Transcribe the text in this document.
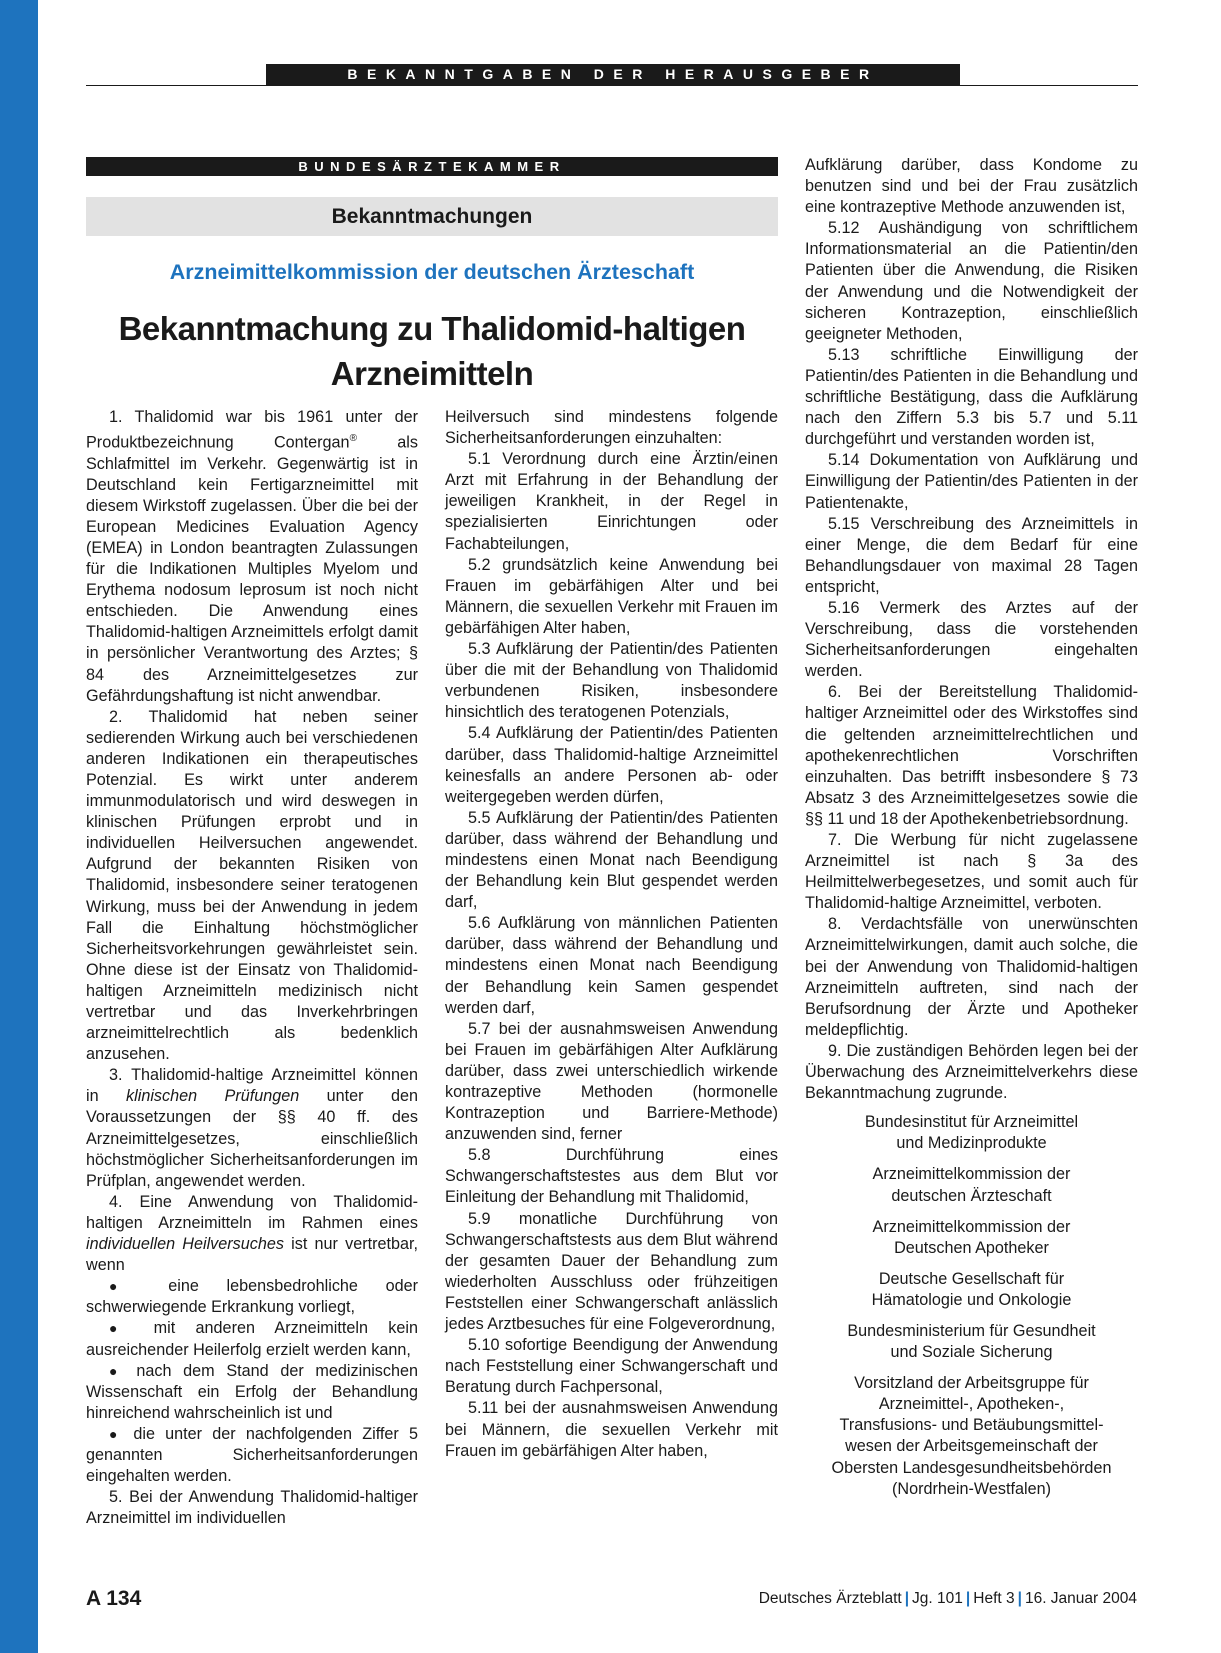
BEKANNTGABEN DER HERAUSGEBER
BUNDESÄRZTEKAMMER
Bekanntmachungen
Arzneimittelkommission der deutschen Ärzteschaft
Bekanntmachung zu Thalidomid-haltigen
Arzneimitteln

1. Thalidomid war bis 1961 unter der Produktbezeichnung Contergan® als Schlafmittel im Verkehr. Gegenwärtig ist in Deutschland kein Fertigarzneimittel mit diesem Wirkstoff zugelassen. Über die bei der European Medicines Evaluation Agency (EMEA) in London beantragten Zulassungen für die Indikationen Multiples Myelom und Erythema nodosum leprosum ist noch nicht entschieden. Die Anwendung eines Thalidomid-haltigen Arzneimittels erfolgt damit in persönlicher Verantwortung des Arztes; § 84 des Arzneimittelgesetzes zur Gefährdungshaftung ist nicht anwendbar.

2. Thalidomid hat neben seiner sedierenden Wirkung auch bei verschiedenen anderen Indikationen ein therapeutisches Potenzial. Es wirkt unter anderem immunmodulatorisch und wird deswegen in klinischen Prüfungen erprobt und in individuellen Heilversuchen angewendet. Aufgrund der bekannten Risiken von Thalidomid, insbesondere seiner teratogenen Wirkung, muss bei der Anwendung in jedem Fall die Einhaltung höchstmöglicher Sicherheitsvorkehrungen gewährleistet sein. Ohne diese ist der Einsatz von Thalidomid-haltigen Arzneimitteln medizinisch nicht vertretbar und das Inverkehrbringen arzneimittelrechtlich als bedenklich anzusehen.

3. Thalidomid-haltige Arzneimittel können in klinischen Prüfungen unter den Voraussetzungen der §§ 40 ff. des Arzneimittelgesetzes, einschließlich höchstmöglicher Sicherheitsanforderungen im Prüfplan, angewendet werden.

4. Eine Anwendung von Thalidomid-haltigen Arzneimitteln im Rahmen eines individuellen Heilversuches ist nur vertretbar, wenn

● eine lebensbedrohliche oder schwerwiegende Erkrankung vorliegt,

● mit anderen Arzneimitteln kein ausreichender Heilerfolg erzielt werden kann,

● nach dem Stand der medizinischen Wissenschaft ein Erfolg der Behandlung hinreichend wahrscheinlich ist und

● die unter der nachfolgenden Ziffer 5 genannten Sicherheitsanforderungen eingehalten werden.

5. Bei der Anwendung Thalidomid-haltiger Arzneimittel im individuellen

Heilversuch sind mindestens folgende Sicherheitsanforderungen einzuhalten:

5.1 Verordnung durch eine Ärztin/einen Arzt mit Erfahrung in der Behandlung der jeweiligen Krankheit, in der Regel in spezialisierten Einrichtungen oder Fachabteilungen,

5.2 grundsätzlich keine Anwendung bei Frauen im gebärfähigen Alter und bei Männern, die sexuellen Verkehr mit Frauen im gebärfähigen Alter haben,

5.3 Aufklärung der Patientin/des Patienten über die mit der Behandlung von Thalidomid verbundenen Risiken, insbesondere hinsichtlich des teratogenen Potenzials,

5.4 Aufklärung der Patientin/des Patienten darüber, dass Thalidomid-haltige Arzneimittel keinesfalls an andere Personen ab- oder weitergegeben werden dürfen,

5.5 Aufklärung der Patientin/des Patienten darüber, dass während der Behandlung und mindestens einen Monat nach Beendigung der Behandlung kein Blut gespendet werden darf,

5.6 Aufklärung von männlichen Patienten darüber, dass während der Behandlung und mindestens einen Monat nach Beendigung der Behandlung kein Samen gespendet werden darf,

5.7 bei der ausnahmsweisen Anwendung bei Frauen im gebärfähigen Alter Aufklärung darüber, dass zwei unterschiedlich wirkende kontrazeptive Methoden (hormonelle Kontrazeption und Barriere-Methode) anzuwenden sind, ferner

5.8 Durchführung eines Schwangerschaftstestes aus dem Blut vor Einleitung der Behandlung mit Thalidomid,

5.9 monatliche Durchführung von Schwangerschaftstests aus dem Blut während der gesamten Dauer der Behandlung zum wiederholten Ausschluss oder frühzeitigen Feststellen einer Schwangerschaft anlässlich jedes Arztbesuches für eine Folgeverordnung,

5.10 sofortige Beendigung der Anwendung nach Feststellung einer Schwangerschaft und Beratung durch Fachpersonal,

5.11 bei der ausnahmsweisen Anwendung bei Männern, die sexuellen Verkehr mit Frauen im gebärfähigen Alter haben,

Aufklärung darüber, dass Kondome zu benutzen sind und bei der Frau zusätzlich eine kontrazeptive Methode anzuwenden ist,

5.12 Aushändigung von schriftlichem Informationsmaterial an die Patientin/den Patienten über die Anwendung, die Risiken der Anwendung und die Notwendigkeit der sicheren Kontrazeption, einschließlich geeigneter Methoden,

5.13 schriftliche Einwilligung der Patientin/des Patienten in die Behandlung und schriftliche Bestätigung, dass die Aufklärung nach den Ziffern 5.3 bis 5.7 und 5.11 durchgeführt und verstanden worden ist,

5.14 Dokumentation von Aufklärung und Einwilligung der Patientin/des Patienten in der Patientenakte,

5.15 Verschreibung des Arzneimittels in einer Menge, die dem Bedarf für eine Behandlungsdauer von maximal 28 Tagen entspricht,

5.16 Vermerk des Arztes auf der Verschreibung, dass die vorstehenden Sicherheitsanforderungen eingehalten werden.

6. Bei der Bereitstellung Thalidomid-haltiger Arzneimittel oder des Wirkstoffes sind die geltenden arzneimittelrechtlichen und apothekenrechtlichen Vorschriften einzuhalten. Das betrifft insbesondere § 73 Absatz 3 des Arzneimittelgesetzes sowie die §§ 11 und 18 der Apothekenbetriebsordnung.

7. Die Werbung für nicht zugelassene Arzneimittel ist nach § 3a des Heilmittelwerbegesetzes, und somit auch für Thalidomid-haltige Arzneimittel, verboten.

8. Verdachtsfälle von unerwünschten Arzneimittelwirkungen, damit auch solche, die bei der Anwendung von Thalidomid-haltigen Arzneimitteln auftreten, sind nach der Berufsordnung der Ärzte und Apotheker meldepflichtig.

9. Die zuständigen Behörden legen bei der Überwachung des Arzneimittelverkehrs diese Bekanntmachung zugrunde.

Bundesinstitut für Arzneimittel
und Medizinprodukte
Arzneimittelkommission der
deutschen Ärzteschaft
Arzneimittelkommission der
Deutschen Apotheker
Deutsche Gesellschaft für
Hämatologie und Onkologie
Bundesministerium für Gesundheit
und Soziale Sicherung
Vorsitzland der Arbeitsgruppe für
Arzneimittel-, Apotheken-,
Transfusions- und Betäubungsmittel-
wesen der Arbeitsgemeinschaft der
Obersten Landesgesundheitsbehörden
(Nordrhein-Westfalen)
A 134	Deutsches Ärzteblatt | Jg. 101 | Heft 3 | 16. Januar 2004
